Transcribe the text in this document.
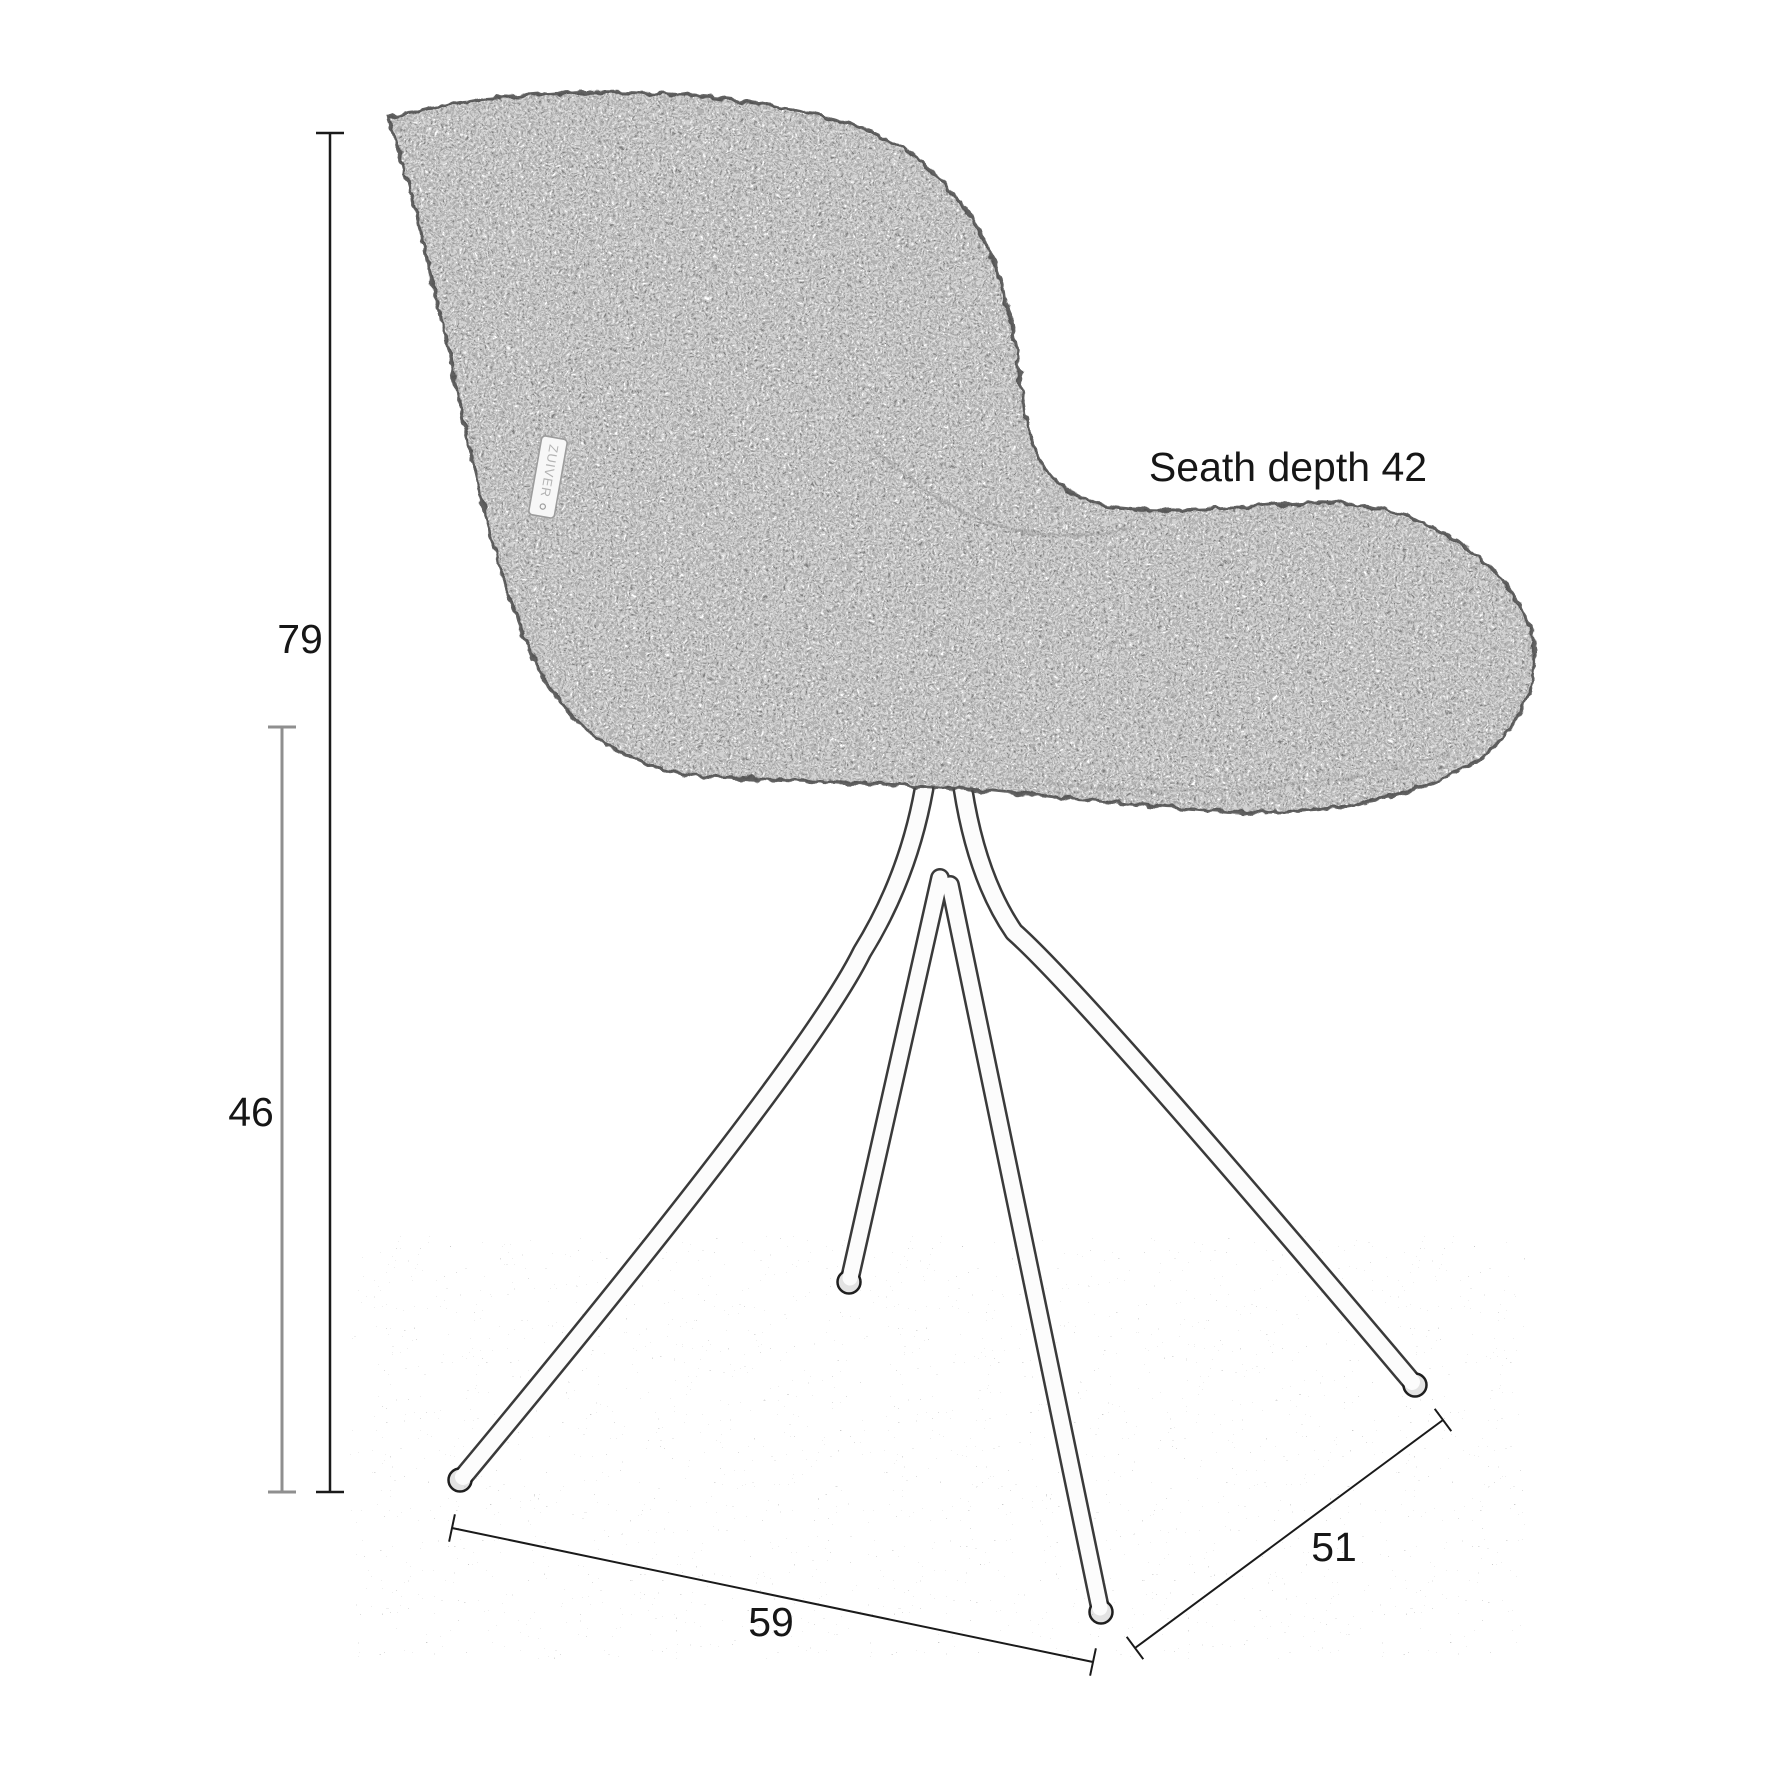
ZUIVER
79
46
59
51
Seath depth 42
